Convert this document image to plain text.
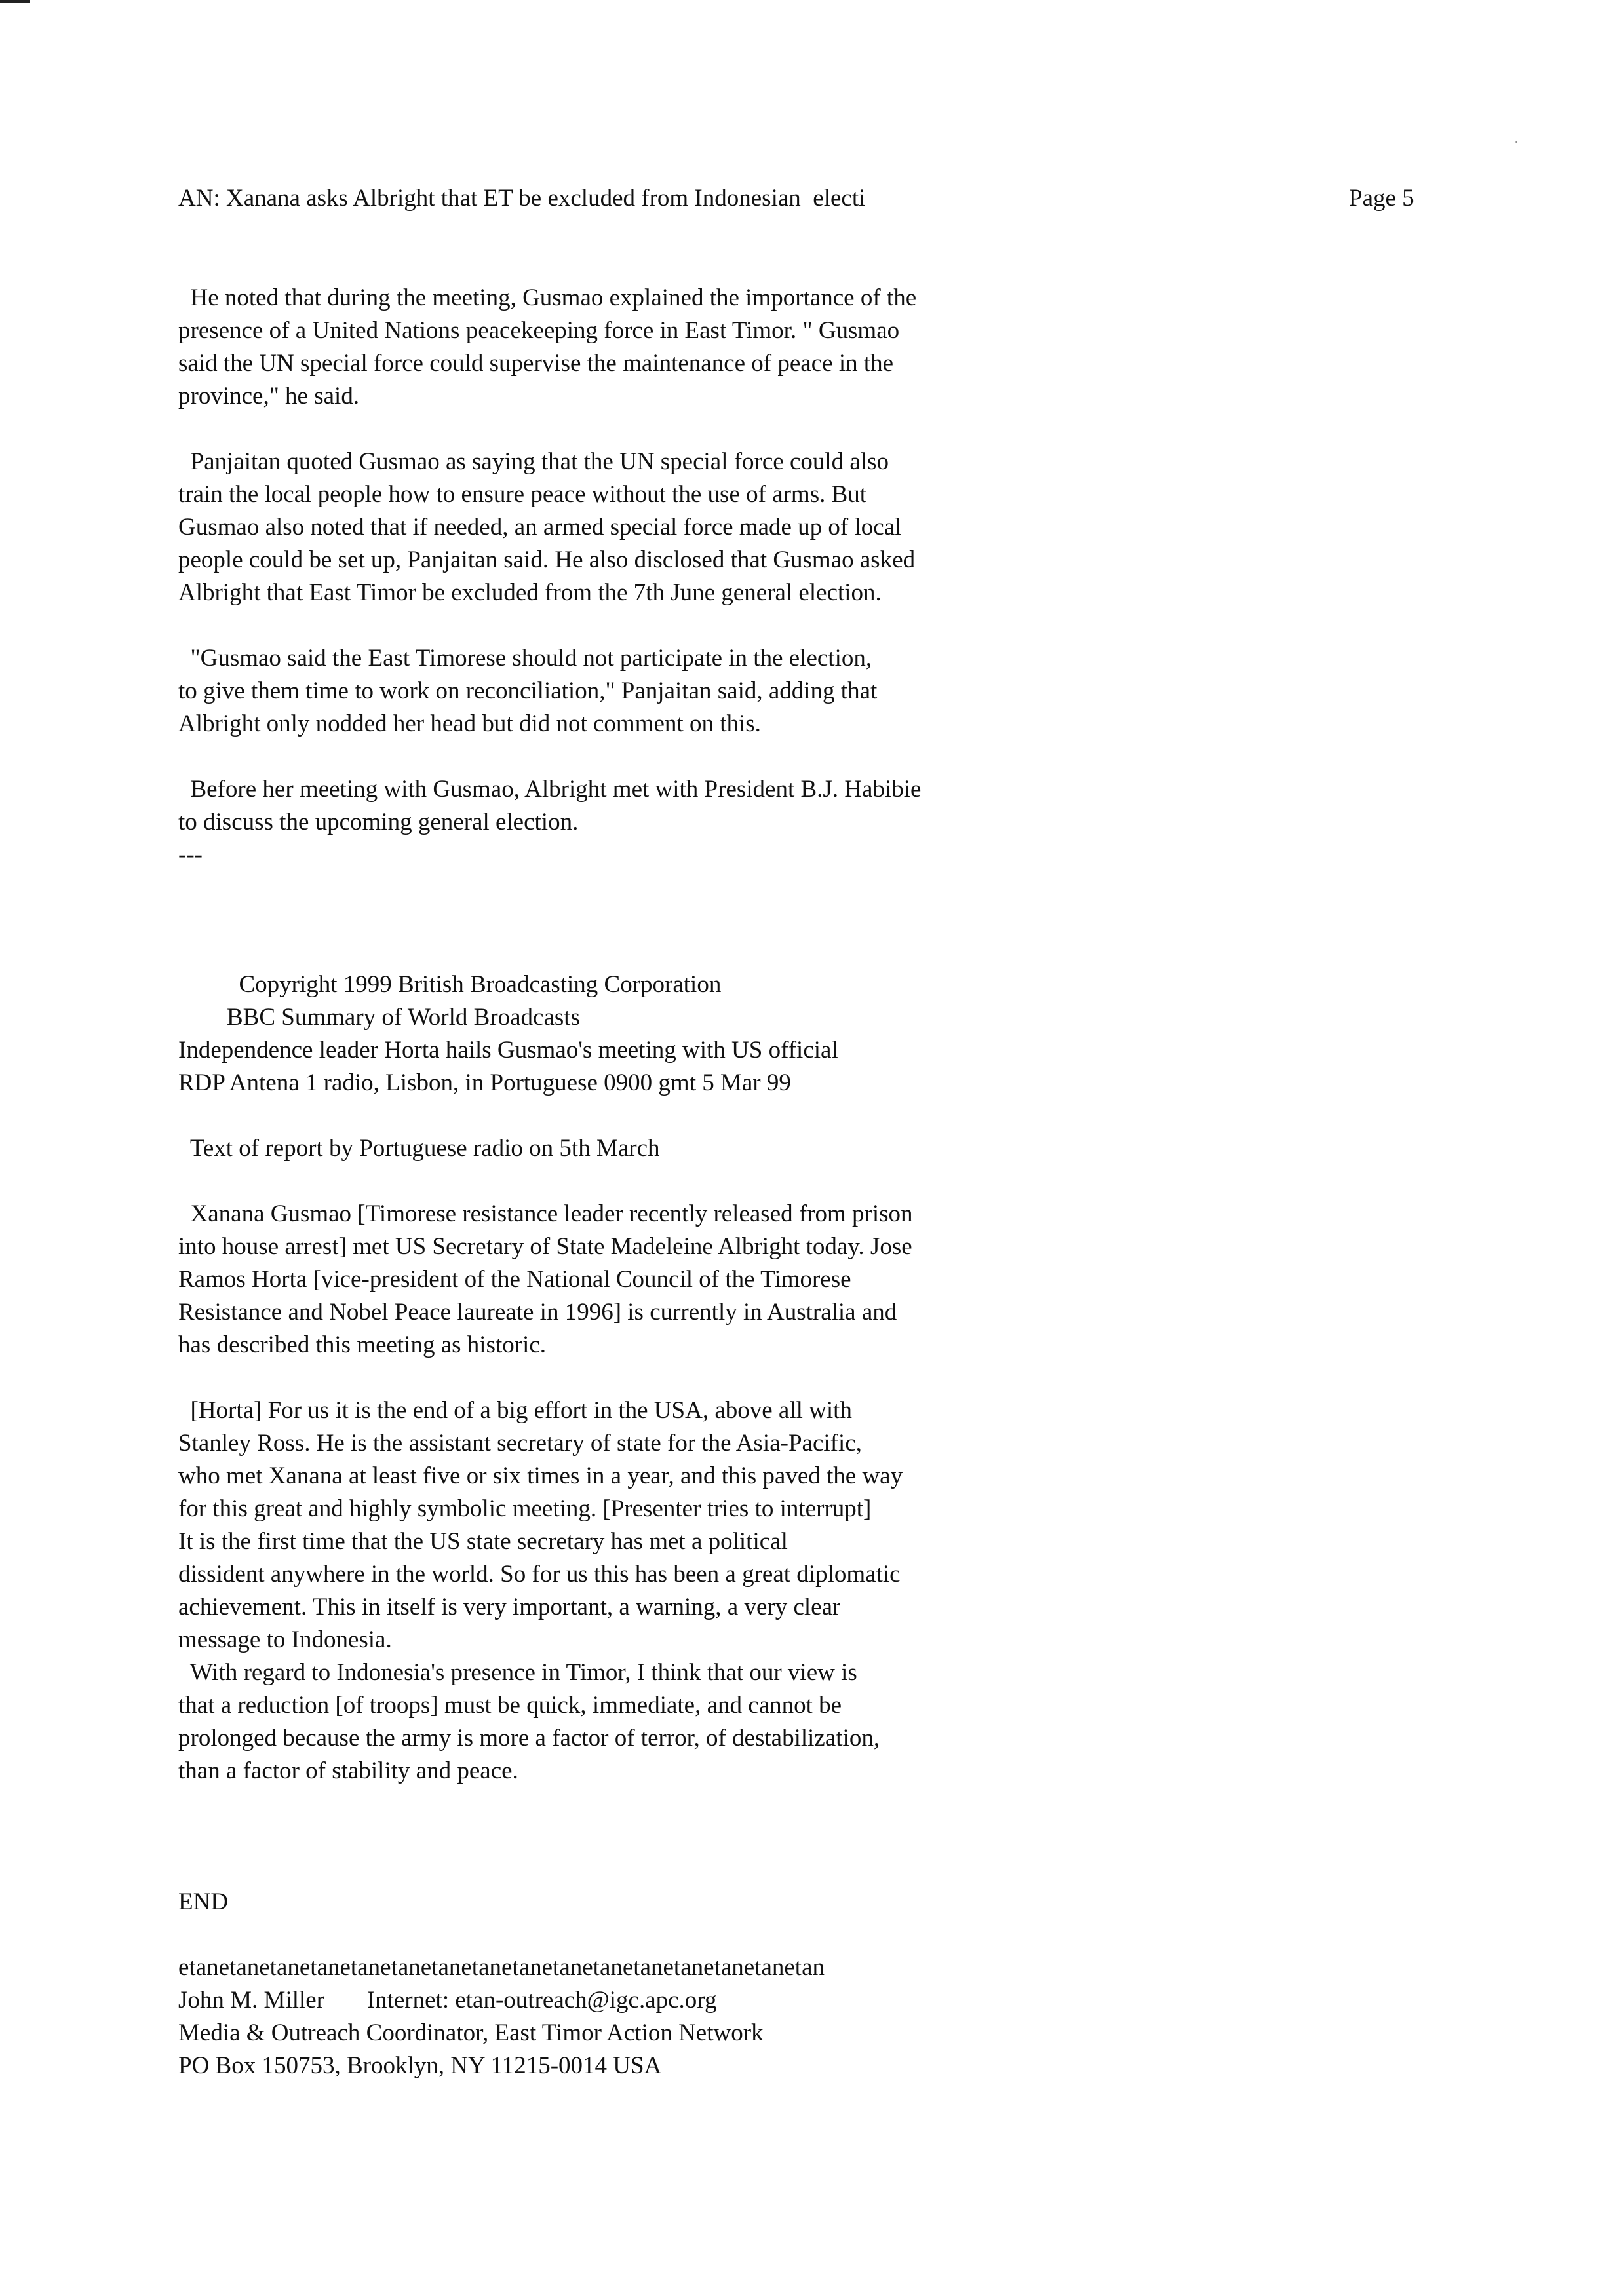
AN: Xanana asks Albright that ET be excluded from Indonesian  electi	Page 5
He noted that during the meeting, Gusmao explained the importance of the
presence of a United Nations peacekeeping force in East Timor. " Gusmao
said the UN special force could supervise the maintenance of peace in the
province," he said.
Panjaitan quoted Gusmao as saying that the UN special force could also
train the local people how to ensure peace without the use of arms. But
Gusmao also noted that if needed, an armed special force made up of local
people could be set up, Panjaitan said. He also disclosed that Gusmao asked
Albright that East Timor be excluded from the 7th June general election.
"Gusmao said the East Timorese should not participate in the election,
to give them time to work on reconciliation," Panjaitan said, adding that
Albright only nodded her head but did not comment on this.
Before her meeting with Gusmao, Albright met with President B.J. Habibie
to discuss the upcoming general election.
---
Copyright 1999 British Broadcasting Corporation
BBC Summary of World Broadcasts
Independence leader Horta hails Gusmao's meeting with US official
RDP Antena 1 radio, Lisbon, in Portuguese 0900 gmt 5 Mar 99
Text of report by Portuguese radio on 5th March
Xanana Gusmao [Timorese resistance leader recently released from prison
into house arrest] met US Secretary of State Madeleine Albright today. Jose
Ramos Horta [vice-president of the National Council of the Timorese
Resistance and Nobel Peace laureate in 1996] is currently in Australia and
has described this meeting as historic.
[Horta] For us it is the end of a big effort in the USA, above all with
Stanley Ross. He is the assistant secretary of state for the Asia-Pacific,
who met Xanana at least five or six times in a year, and this paved the way
for this great and highly symbolic meeting. [Presenter tries to interrupt]
It is the first time that the US state secretary has met a political
dissident anywhere in the world. So for us this has been a great diplomatic
achievement. This in itself is very important, a warning, a very clear
message to Indonesia.
With regard to Indonesia's presence in Timor, I think that our view is
that a reduction [of troops] must be quick, immediate, and cannot be
prolonged because the army is more a factor of terror, of destabilization,
than a factor of stability and peace.
END
etanetanetanetanetanetanetanetanetanetanetanetanetanetanetanetan
John M. Miller       Internet: etan-outreach@igc.apc.org
Media & Outreach Coordinator, East Timor Action Network
PO Box 150753, Brooklyn, NY 11215-0014 USA
